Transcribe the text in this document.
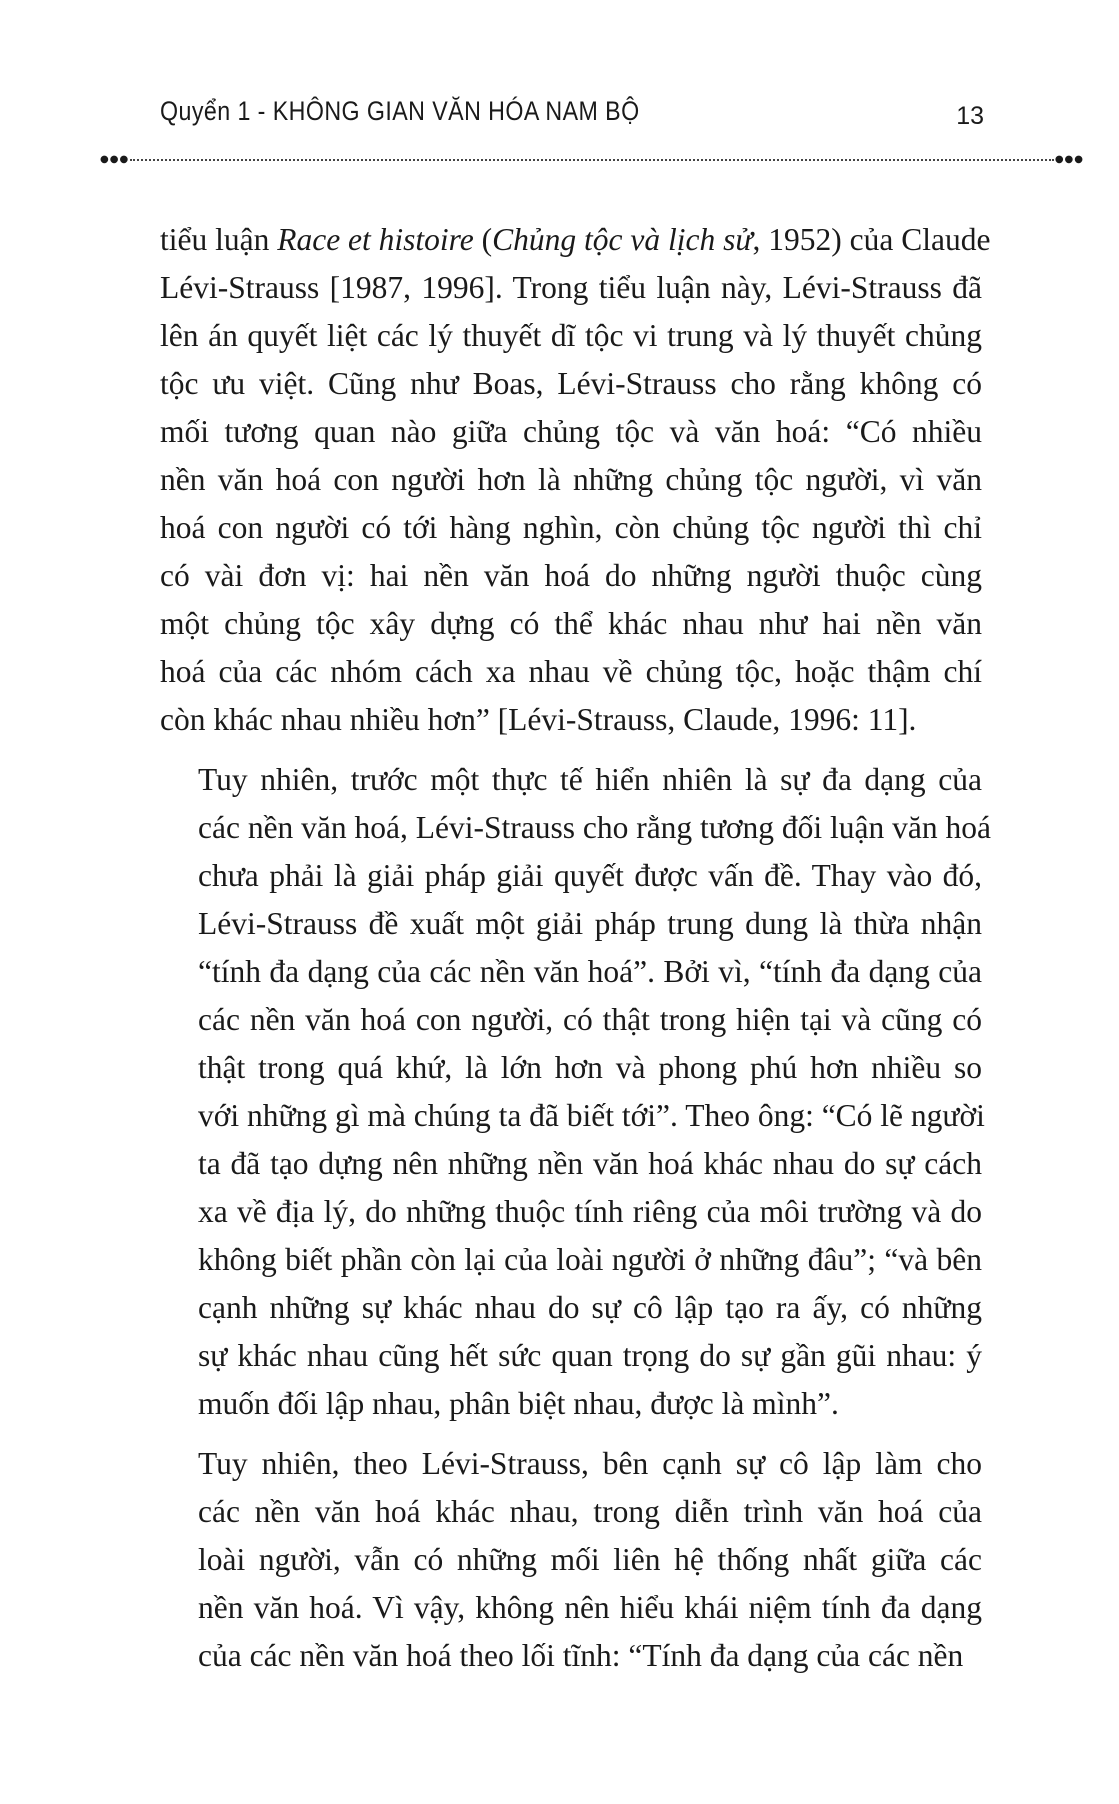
Quyển 1 - KHÔNG GIAN VĂN HÓA NAM BỘ	13
●●●	●●●

tiểu luận Race et histoire (Chủng tộc và lịch sử, 1952) của Claude
Lévi-Strauss [1987, 1996]. Trong tiểu luận này, Lévi-Strauss đã
lên án quyết liệt các lý thuyết dĩ tộc vi trung và lý thuyết chủng
tộc ưu việt. Cũng như Boas, Lévi-Strauss cho rằng không có
mối tương quan nào giữa chủng tộc và văn hoá: “Có nhiều
nền văn hoá con người hơn là những chủng tộc người, vì văn
hoá con người có tới hàng nghìn, còn chủng tộc người thì chỉ
có vài đơn vị: hai nền văn hoá do những người thuộc cùng
một chủng tộc xây dựng có thể khác nhau như hai nền văn
hoá của các nhóm cách xa nhau về chủng tộc, hoặc thậm chí
còn khác nhau nhiều hơn” [Lévi-Strauss, Claude, 1996: 11].

Tuy nhiên, trước một thực tế hiển nhiên là sự đa dạng của
các nền văn hoá, Lévi-Strauss cho rằng tương đối luận văn hoá
chưa phải là giải pháp giải quyết được vấn đề. Thay vào đó,
Lévi-Strauss đề xuất một giải pháp trung dung là thừa nhận
“tính đa dạng của các nền văn hoá”. Bởi vì, “tính đa dạng của
các nền văn hoá con người, có thật trong hiện tại và cũng có
thật trong quá khứ, là lớn hơn và phong phú hơn nhiều so
với những gì mà chúng ta đã biết tới”. Theo ông: “Có lẽ người
ta đã tạo dựng nên những nền văn hoá khác nhau do sự cách
xa về địa lý, do những thuộc tính riêng của môi trường và do
không biết phần còn lại của loài người ở những đâu”; “và bên
cạnh những sự khác nhau do sự cô lập tạo ra ấy, có những
sự khác nhau cũng hết sức quan trọng do sự gần gũi nhau: ý
muốn đối lập nhau, phân biệt nhau, được là mình”.

Tuy nhiên, theo Lévi-Strauss, bên cạnh sự cô lập làm cho
các nền văn hoá khác nhau, trong diễn trình văn hoá của
loài người, vẫn có những mối liên hệ thống nhất giữa các
nền văn hoá. Vì vậy, không nên hiểu khái niệm tính đa dạng
của các nền văn hoá theo lối tĩnh: “Tính đa dạng của các nền
